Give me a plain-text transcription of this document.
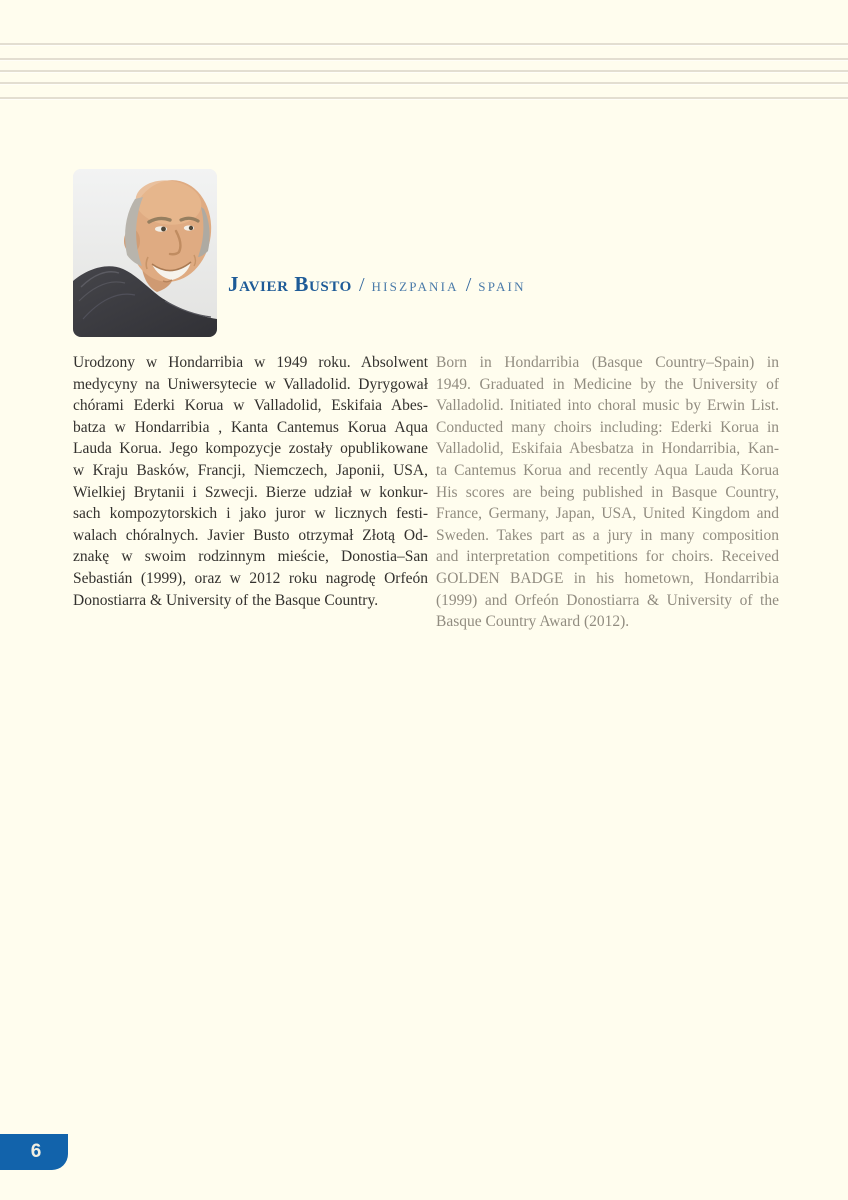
Javier Busto / hiszpania / spain
Urodzony w Hondarribia w 1949 roku. Absolwent
medycyny na Uniwersytecie w Valladolid. Dyrygował
chórami Ederki Korua w Valladolid, Eskifaia Abes-
batza w Hondarribia , Kanta Cantemus Korua Aqua
Lauda Korua. Jego kompozycje zostały opublikowane
w Kraju Basków, Francji, Niemczech, Japonii, USA,
Wielkiej Brytanii i Szwecji. Bierze udział w konkur-
sach kompozytorskich i jako juror w licznych festi-
walach chóralnych. Javier Busto otrzymał Złotą Od-
znakę w swoim rodzinnym mieście, Donostia–San
Sebastián (1999), oraz w 2012 roku nagrodę Orfeón
Donostiarra & University of the Basque Country.
Born in Hondarribia (Basque Country–Spain) in
1949. Graduated in Medicine by the University of
Valladolid. Initiated into choral music by Erwin List.
Conducted many choirs including: Ederki Korua in
Valladolid, Eskifaia Abesbatza in Hondarribia, Kan-
ta Cantemus Korua and recently Aqua Lauda Korua
His scores are being published in Basque Country,
France, Germany, Japan, USA, United Kingdom and
Sweden. Takes part as a jury in many composition
and interpretation competitions for choirs. Received
GOLDEN BADGE in his hometown, Hondarribia
(1999) and Orfeón Donostiarra & University of the
Basque Country Award (2012).
6
